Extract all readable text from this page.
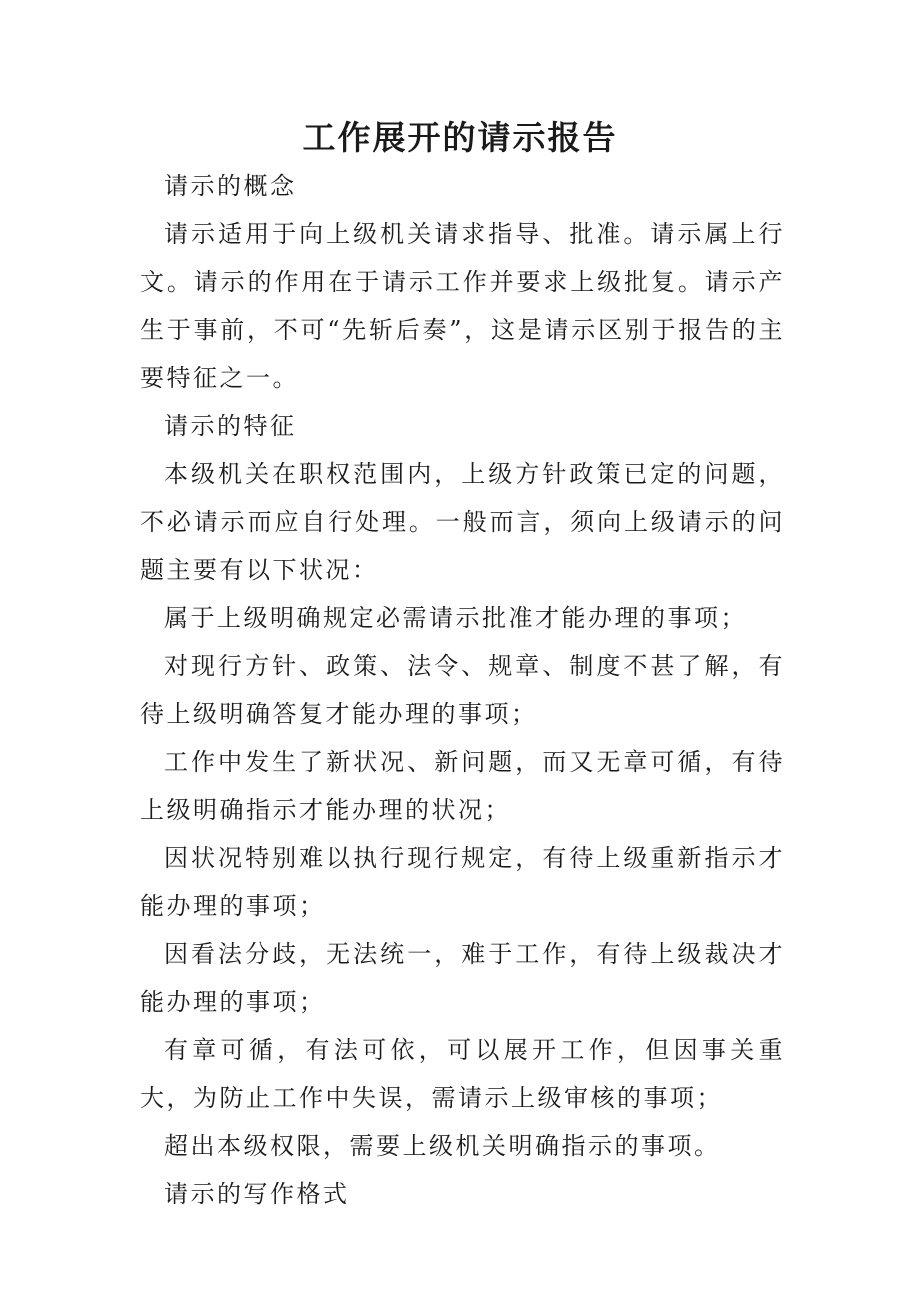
工作展开的请示报告

请示的概念

请示适用于向上级机关请求指导、批准。请示属上行文。请示的作用在于请示工作并要求上级批复。请示产生于事前，不可“先斩后奏”，这是请示区别于报告的主要特征之一。

请示的特征

本级机关在职权范围内，上级方针政策已定的问题，不必请示而应自行处理。一般而言，须向上级请示的问题主要有以下状况：

属于上级明确规定必需请示批准才能办理的事项；

对现行方针、政策、法令、规章、制度不甚了解，有待上级明确答复才能办理的事项；

工作中发生了新状况、新问题，而又无章可循，有待上级明确指示才能办理的状况；

因状况特别难以执行现行规定，有待上级重新指示才能办理的事项；

因看法分歧，无法统一，难于工作，有待上级裁决才能办理的事项；

有章可循，有法可依，可以展开工作，但因事关重大，为防止工作中失误，需请示上级审核的事项；

超出本级权限，需要上级机关明确指示的事项。

请示的写作格式
